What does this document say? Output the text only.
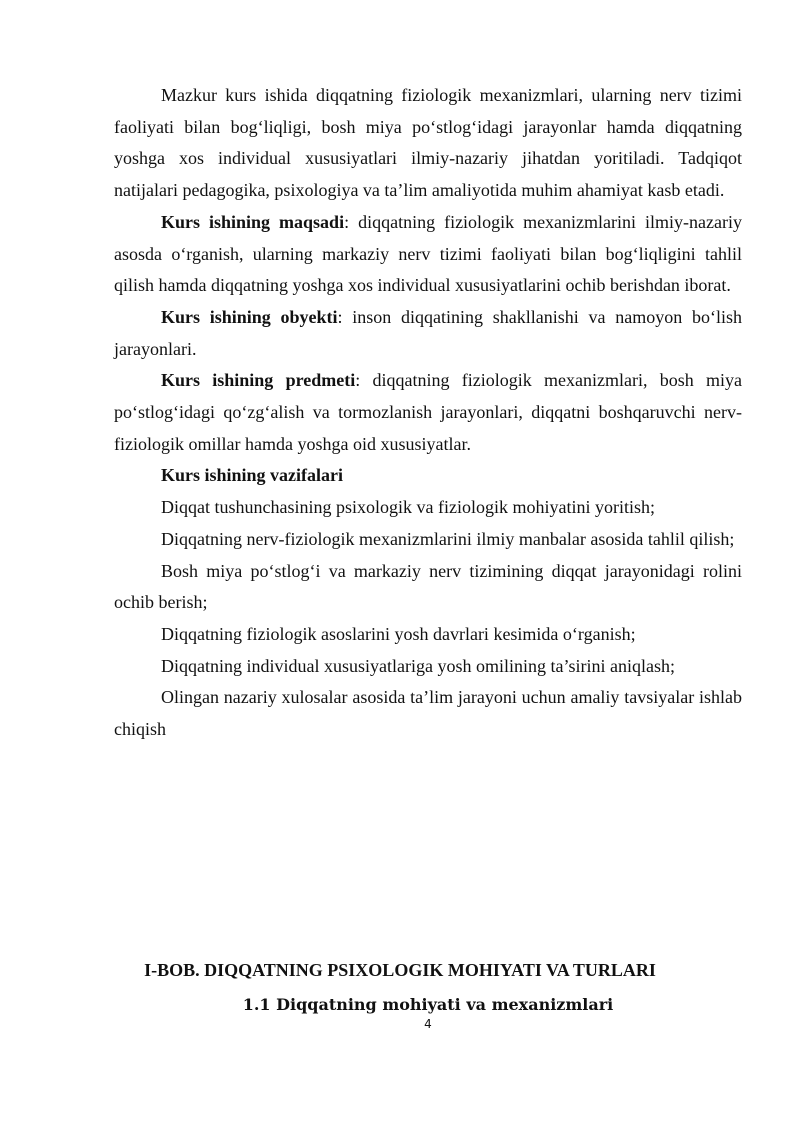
Mazkur kurs ishida diqqatning fiziologik mexanizmlari, ularning nerv tizimi faoliyati bilan bog‘liqligi, bosh miya po‘stlog‘idagi jarayonlar hamda diqqatning yoshga xos individual xususiyatlari ilmiy-nazariy jihatdan yoritiladi. Tadqiqot natijalari pedagogika, psixologiya va ta’lim amaliyotida muhim ahamiyat kasb etadi.

Kurs ishining maqsadi: diqqatning fiziologik mexanizmlarini ilmiy-nazariy asosda o‘rganish, ularning markaziy nerv tizimi faoliyati bilan bog‘liqligini tahlil qilish hamda diqqatning yoshga xos individual xususiyatlarini ochib berishdan iborat.

Kurs ishining obyekti: inson diqqatining shakllanishi va namoyon bo‘lish jarayonlari.

Kurs ishining predmeti: diqqatning fiziologik mexanizmlari, bosh miya po‘stlog‘idagi qo‘zg‘alish va tormozlanish jarayonlari, diqqatni boshqaruvchi nerv-fiziologik omillar hamda yoshga oid xususiyatlar.

Kurs ishining vazifalari

Diqqat tushunchasining psixologik va fiziologik mohiyatini yoritish;

Diqqatning nerv-fiziologik mexanizmlarini ilmiy manbalar asosida tahlil qilish;

Bosh miya po‘stlog‘i va markaziy nerv tizimining diqqat jarayonidagi rolini ochib berish;

Diqqatning fiziologik asoslarini yosh davrlari kesimida o‘rganish;

Diqqatning individual xususiyatlariga yosh omilining ta’sirini aniqlash;

Olingan nazariy xulosalar asosida ta’lim jarayoni uchun amaliy tavsiyalar ishlab chiqish

I-BOB. DIQQATNING PSIXOLOGIK MOHIYATI VA TURLARI

1.1 Diqqatning mohiyati va mexanizmlari

4
